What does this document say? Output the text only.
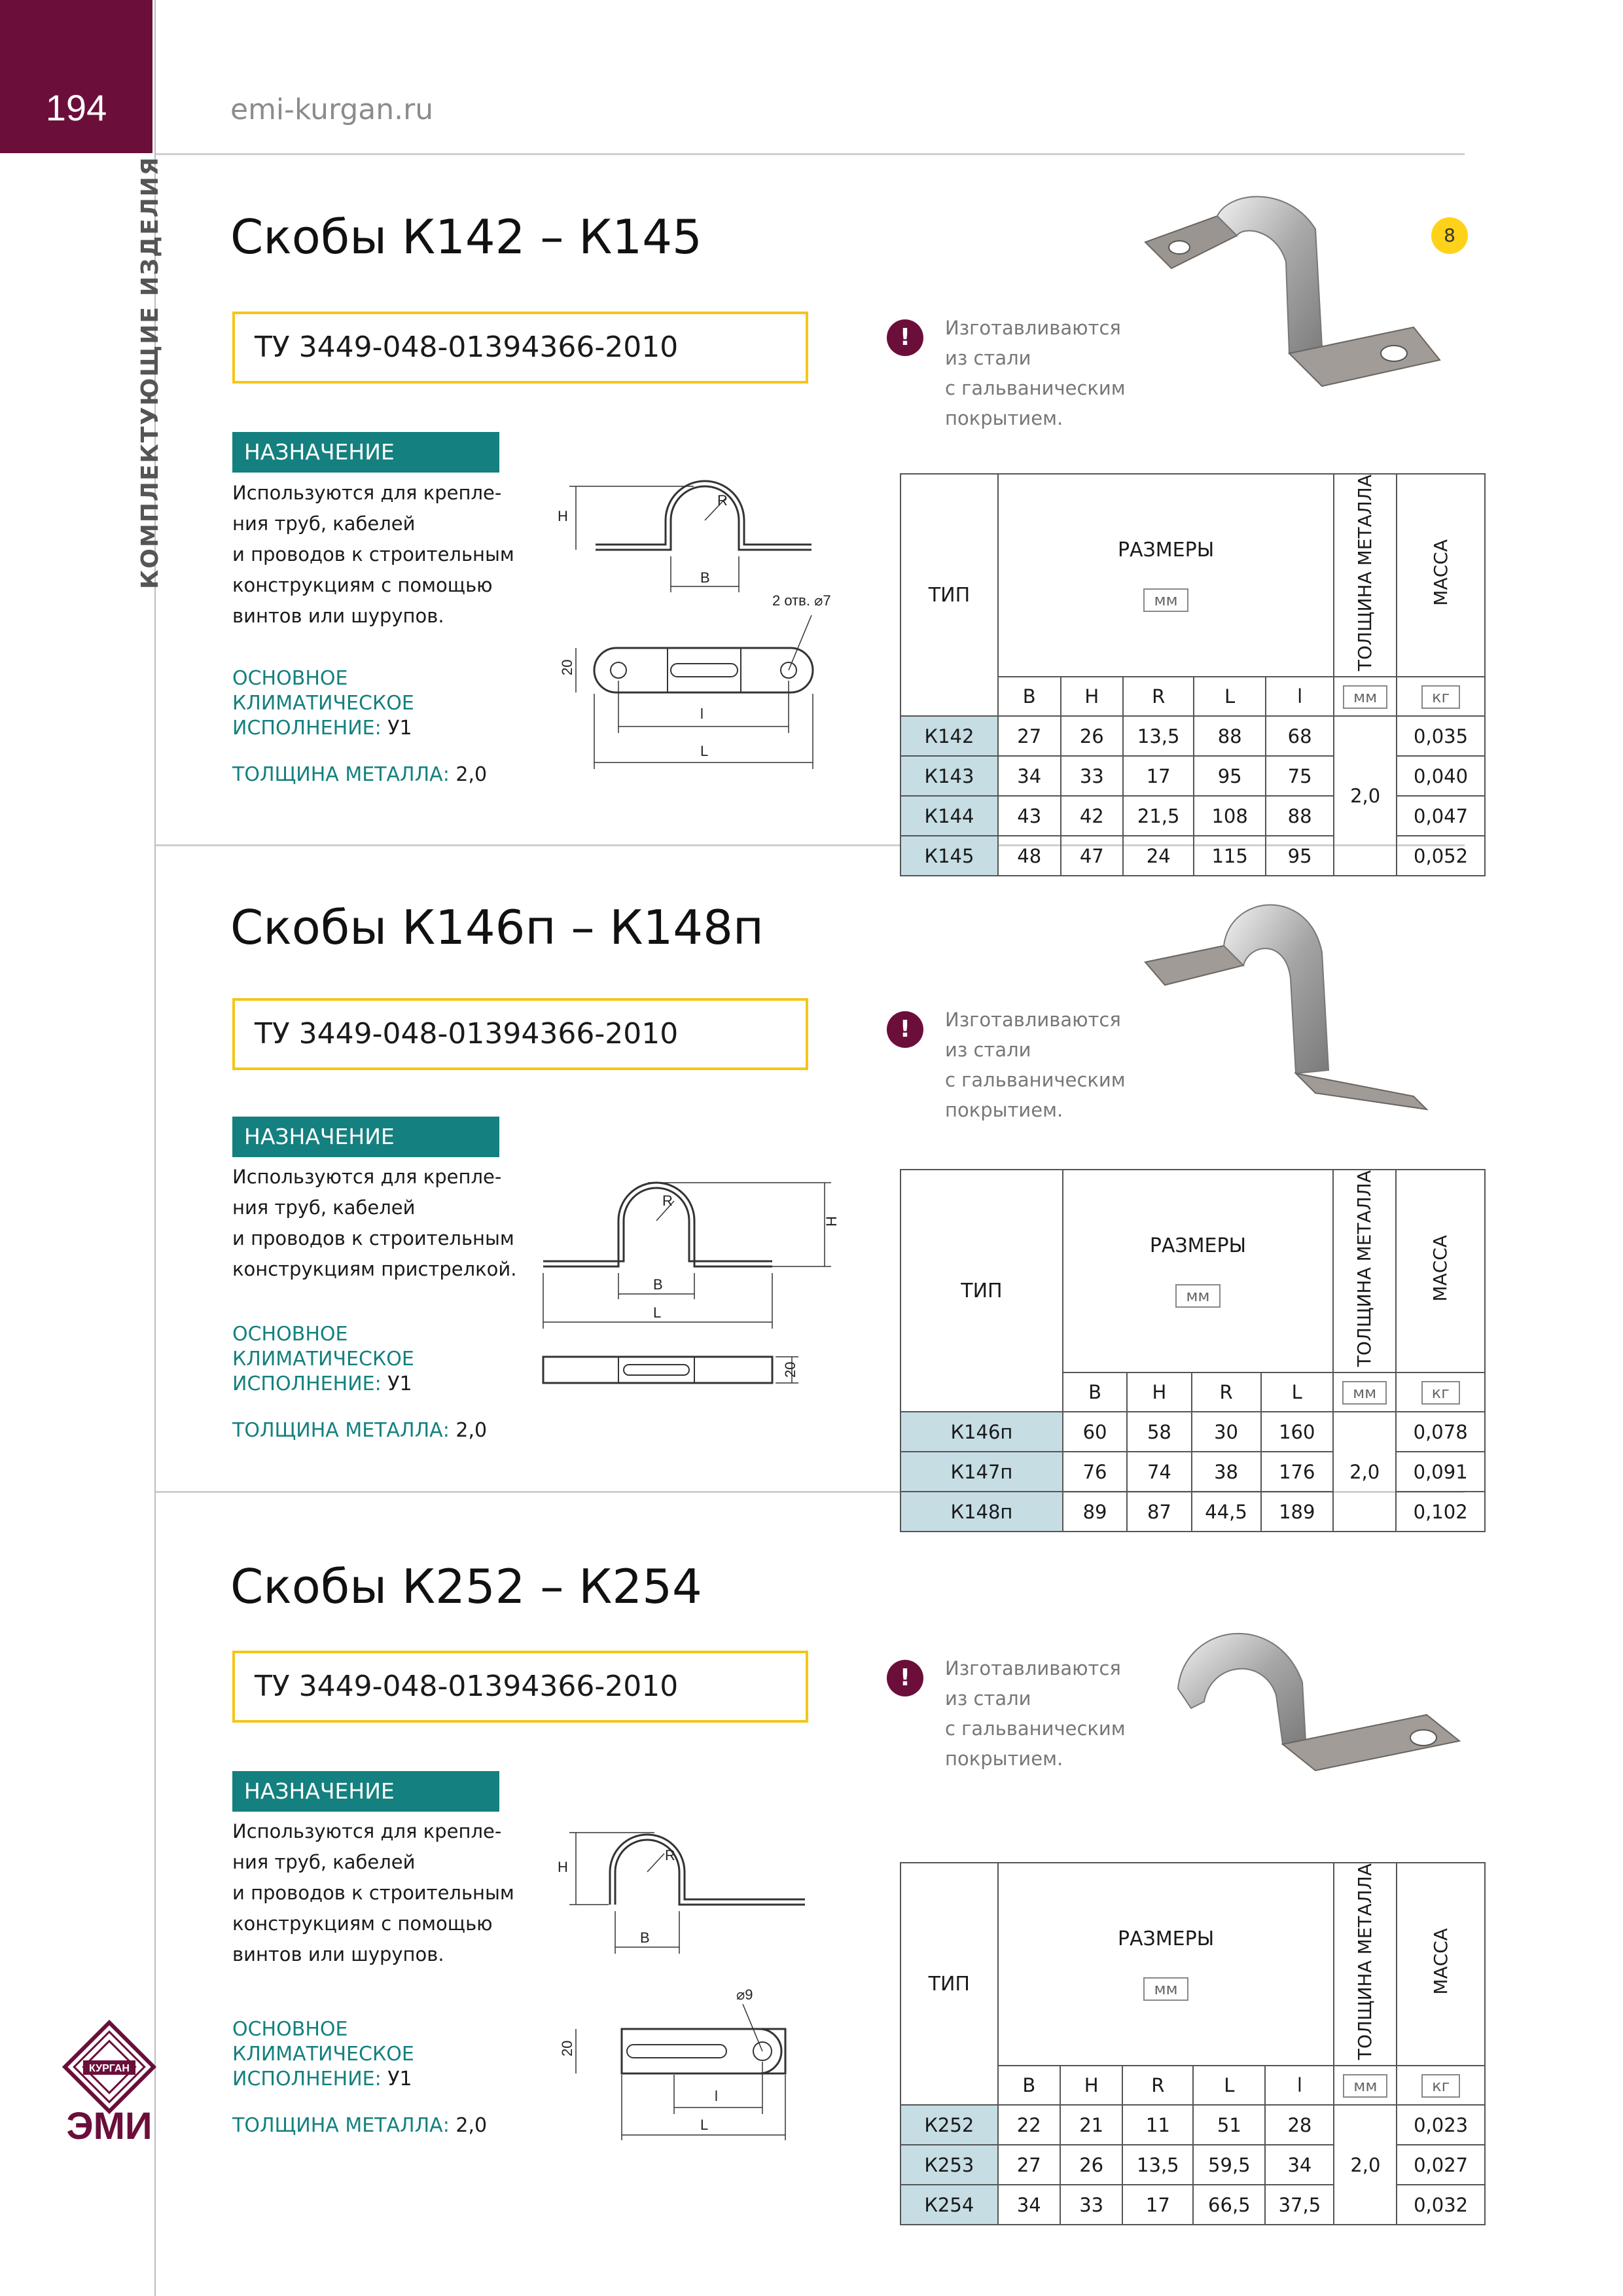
194	emi-kurgan.ru
КОМПЛЕКТУЮЩИЕ ИЗДЕЛИЯ	8
КУРГАН
ЭМИ
Скобы К142 – К145
ТУ 3449-048-01394366-2010
НАЗНАЧЕНИЕ
Используются для крепле-
ния труб, кабелей
и проводов к строительным
конструкциям с помощью
винтов или шурупов.
ОСНОВНОЕ
КЛИМАТИЧЕСКОЕ
ИСПОЛНЕНИЕ: У1
ТОЛЩИНА МЕТАЛЛА: 2,0
H
R
B
2 отв. ⌀7
20
l
L
!	Изготавливаются
из стали
с гальваническим
покрытием.
ТИП	РАЗМЕРЫ
мм					ТОЛЩИНА МЕТАЛЛА	МАССА
	B	H	R	L	l	мм	кг
К142	27	26	13,5	88	68	2,0	0,035
К143	34	33	17	95	75		0,040
К144	43	42	21,5	108	88		0,047
К145	48	47	24	115	95		0,052
Скобы К146п – К148п
ТУ 3449-048-01394366-2010
НАЗНАЧЕНИЕ
Используются для крепле-
ния труб, кабелей
и проводов к строительным
конструкциям пристрелкой.
ОСНОВНОЕ
КЛИМАТИЧЕСКОЕ
ИСПОЛНЕНИЕ: У1
ТОЛЩИНА МЕТАЛЛА: 2,0
R
H
B
L
20
!	Изготавливаются
из стали
с гальваническим
покрытием.
ТИП	РАЗМЕРЫ
мм				ТОЛЩИНА МЕТАЛЛА	МАССА
	B	H	R	L	мм	кг
К146п	60	58	30	160	2,0	0,078
К147п	76	74	38	176		0,091
К148п	89	87	44,5	189		0,102
Скобы К252 – К254
ТУ 3449-048-01394366-2010
НАЗНАЧЕНИЕ
Используются для крепле-
ния труб, кабелей
и проводов к строительным
конструкциям с помощью
винтов или шурупов.
ОСНОВНОЕ
КЛИМАТИЧЕСКОЕ
ИСПОЛНЕНИЕ: У1
ТОЛЩИНА МЕТАЛЛА: 2,0
H
R
B
⌀9
20
l
L
!	Изготавливаются
из стали
с гальваническим
покрытием.
ТИП	РАЗМЕРЫ
мм					ТОЛЩИНА МЕТАЛЛА	МАССА
	B	H	R	L	l	мм	кг
К252	22	21	11	51	28	2,0	0,023
К253	27	26	13,5	59,5	34		0,027
К254	34	33	17	66,5	37,5		0,032
